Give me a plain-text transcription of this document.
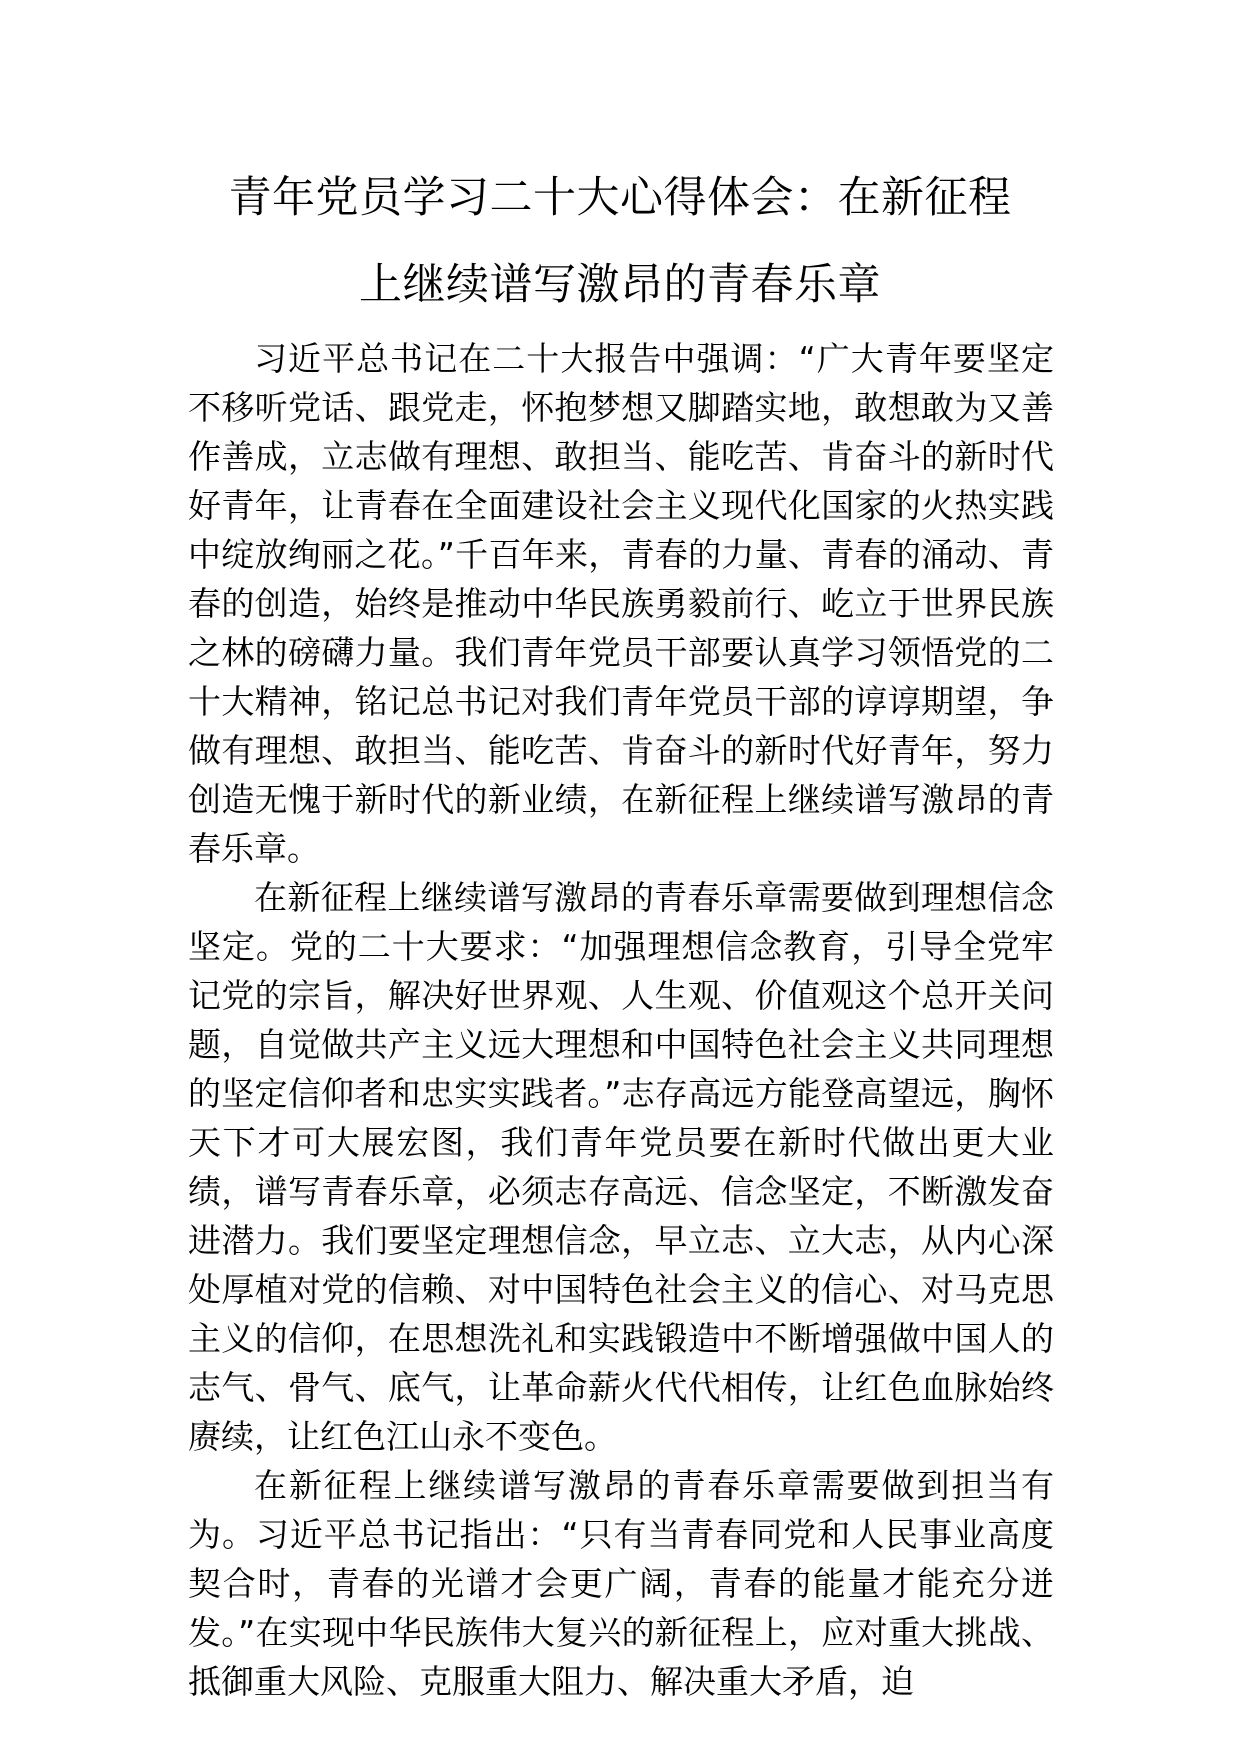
青年党员学习二十大心得体会：在新征程
上继续谱写激昂的青春乐章

习近平总书记在二十大报告中强调：“广大青年要坚定不移听党话、跟党走，怀抱梦想又脚踏实地，敢想敢为又善作善成，立志做有理想、敢担当、能吃苦、肯奋斗的新时代好青年，让青春在全面建设社会主义现代化国家的火热实践中绽放绚丽之花。”千百年来，青春的力量、青春的涌动、青春的创造，始终是推动中华民族勇毅前行、屹立于世界民族之林的磅礴力量。我们青年党员干部要认真学习领悟党的二十大精神，铭记总书记对我们青年党员干部的谆谆期望，争做有理想、敢担当、能吃苦、肯奋斗的新时代好青年，努力创造无愧于新时代的新业绩，在新征程上继续谱写激昂的青春乐章。

在新征程上继续谱写激昂的青春乐章需要做到理想信念坚定。党的二十大要求：“加强理想信念教育，引导全党牢记党的宗旨，解决好世界观、人生观、价值观这个总开关问题，自觉做共产主义远大理想和中国特色社会主义共同理想的坚定信仰者和忠实实践者。”志存高远方能登高望远，胸怀天下才可大展宏图，我们青年党员要在新时代做出更大业绩，谱写青春乐章，必须志存高远、信念坚定，不断激发奋进潜力。我们要坚定理想信念，早立志、立大志，从内心深处厚植对党的信赖、对中国特色社会主义的信心、对马克思主义的信仰，在思想洗礼和实践锻造中不断增强做中国人的志气、骨气、底气，让革命薪火代代相传，让红色血脉始终赓续，让红色江山永不变色。

在新征程上继续谱写激昂的青春乐章需要做到担当有为。习近平总书记指出：“只有当青春同党和人民事业高度契合时，青春的光谱才会更广阔，青春的能量才能充分迸发。”在实现中华民族伟大复兴的新征程上，应对重大挑战、抵御重大风险、克服重大阻力、解决重大矛盾，迫
